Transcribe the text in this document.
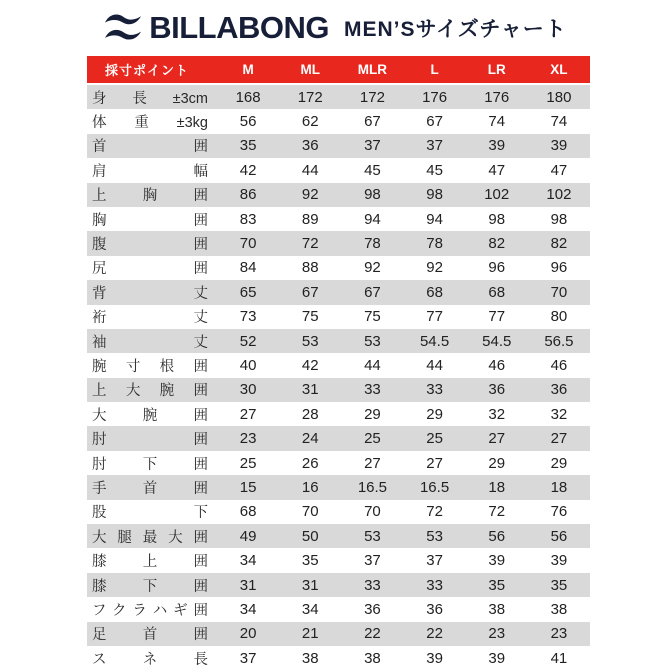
BILLABONG MEN’Sサイズチャート
採寸ポイント	M	ML	MLR	L	LR	XL
身長±3cm	168	172	172	176	176	180
体重±3kg	56	62	67	67	74	74
首囲	35	36	37	37	39	39
肩幅	42	44	45	45	47	47
上胸囲	86	92	98	98	102	102
胸囲	83	89	94	94	98	98
腹囲	70	72	78	78	82	82
尻囲	84	88	92	92	96	96
背丈	65	67	67	68	68	70
裄丈	73	75	75	77	77	80
袖丈	52	53	53	54.5	54.5	56.5
腕寸根囲	40	42	44	44	46	46
上大腕囲	30	31	33	33	36	36
大腕囲	27	28	29	29	32	32
肘囲	23	24	25	25	27	27
肘下囲	25	26	27	27	29	29
手首囲	15	16	16.5	16.5	18	18
股下	68	70	70	72	72	76
大腿最大囲	49	50	53	53	56	56
膝上囲	34	35	37	37	39	39
膝下囲	31	31	33	33	35	35
フクラハギ囲	34	34	36	36	38	38
足首囲	20	21	22	22	23	23
スネ長	37	38	38	39	39	41
